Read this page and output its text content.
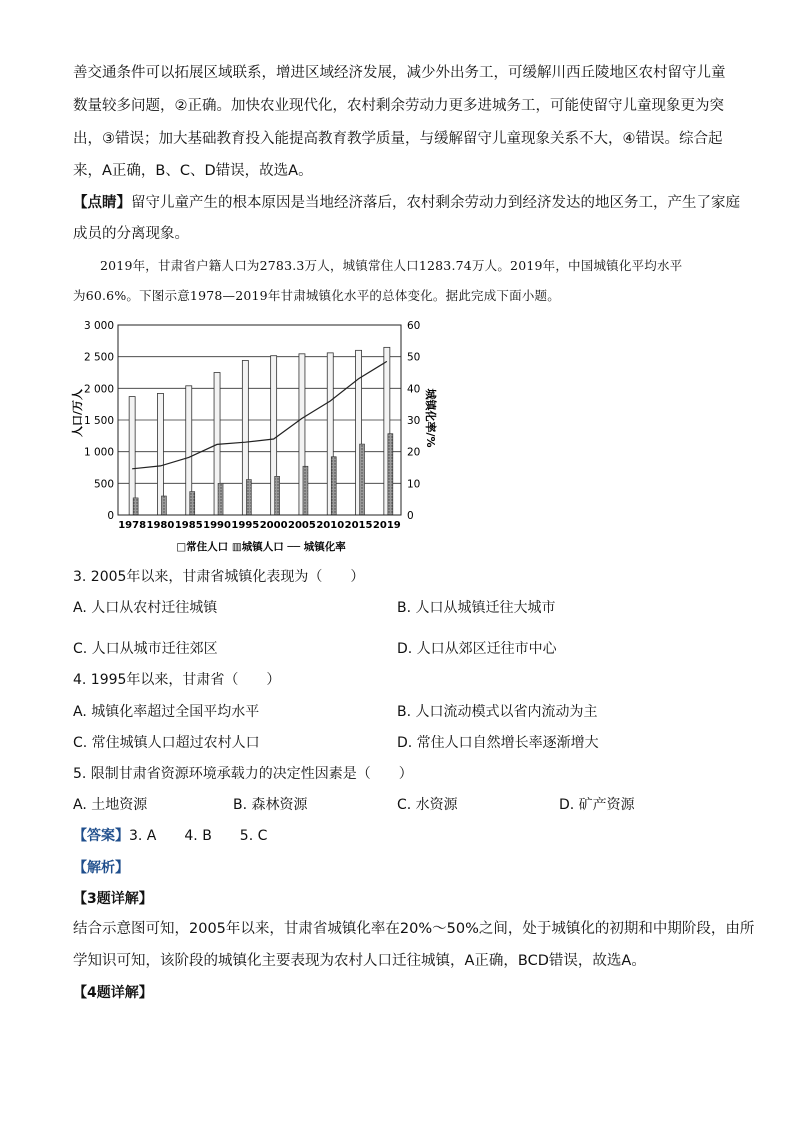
善交通条件可以拓展区域联系，增进区域经济发展，减少外出务工，可缓解川西丘陵地区农村留守儿童
数量较多问题，②正确。加快农业现代化，农村剩余劳动力更多进城务工，可能使留守儿童现象更为突
出，③错误；加大基础教育投入能提高教育教学质量，与缓解留守儿童现象关系不大，④错误。综合起
来，A正确，B、C、D错误，故选A。
【点睛】留守儿童产生的根本原因是当地经济落后，农村剩余劳动力到经济发达的地区务工，产生了家庭
成员的分离现象。
2019年，甘肃省户籍人口为2783.3万人，城镇常住人口1283.74万人。2019年，中国城镇化平均水平
为60.6%。下图示意1978—2019年甘肃城镇化水平的总体变化。据此完成下面小题。
0
500
1 000
1 500
2 000
2 500
3 000
0
10
20
30
40
50
60
1978 1980 1985 1990 1995 2000 2005 2010 2015 2019
人口/万人	城镇化率/%
□常住人口 ▥城镇人口 ── 城镇化率
3. 2005年以来，甘肃省城镇化表现为（　　）
A. 人口从农村迁往城镇	B. 人口从城镇迁往大城市
C. 人口从城市迁往郊区	D. 人口从郊区迁往市中心
4. 1995年以来，甘肃省（　　）
A. 城镇化率超过全国平均水平	B. 人口流动模式以省内流动为主
C. 常住城镇人口超过农村人口	D. 常住人口自然增长率逐渐增大
5. 限制甘肃省资源环境承载力的决定性因素是（　　）
A. 土地资源	B. 森林资源	C. 水资源	D. 矿产资源
【答案】3. A　　4. B　　5. C
【解析】
【3题详解】
结合示意图可知，2005年以来，甘肃省城镇化率在20%～50%之间，处于城镇化的初期和中期阶段，由所
学知识可知，该阶段的城镇化主要表现为农村人口迁往城镇，A正确，BCD错误，故选A。
【4题详解】
